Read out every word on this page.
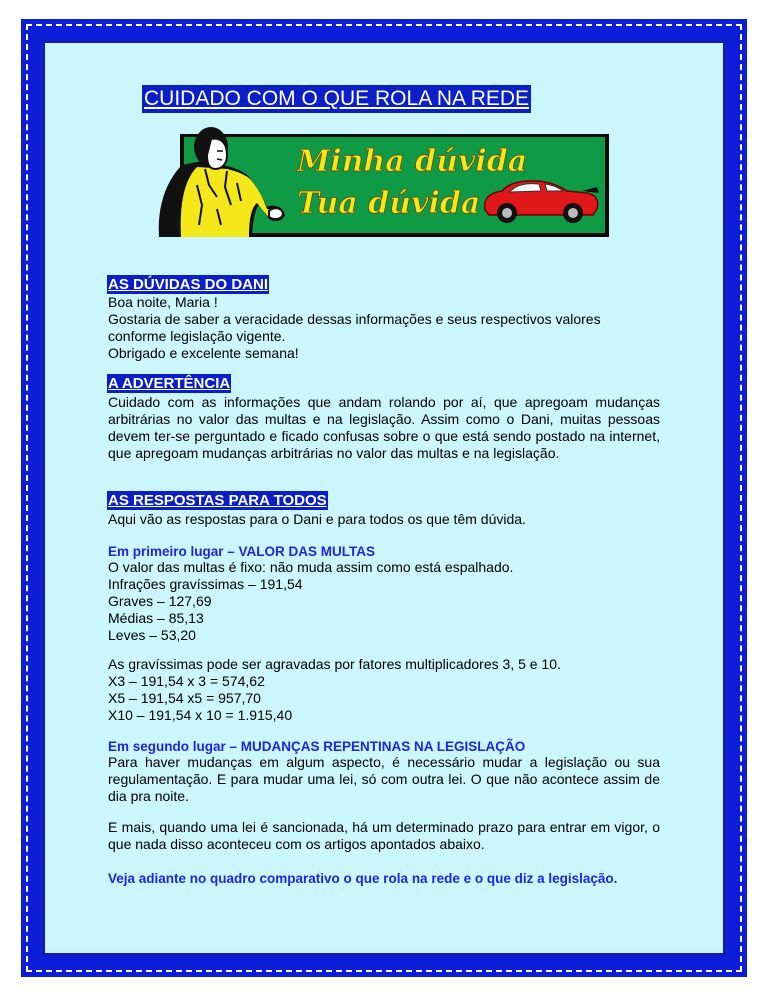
CUIDADO COM O QUE ROLA NA REDE
Minha dúvida
Tua dúvida
AS DÚVIDAS DO DANI
Boa noite, Maria !
Gostaria de saber a veracidade dessas informações e seus respectivos valores conforme legislação vigente.
Obrigado e excelente semana!
A ADVERTÊNCIA
Cuidado com as informações que andam rolando por aí, que apregoam mudanças arbitrárias no valor das multas e na legislação. Assim como o Dani, muitas pessoas devem ter-se perguntado e ficado confusas sobre o que está sendo postado na internet, que apregoam mudanças arbitrárias no valor das multas e na legislação.
AS RESPOSTAS PARA TODOS
Aqui vão as respostas para o Dani e para todos os que têm dúvida.
Em primeiro lugar – VALOR DAS MULTAS
O valor das multas é fixo: não muda assim como está espalhado.
Infrações gravíssimas – 191,54
Graves – 127,69
Médias – 85,13
Leves – 53,20
As gravíssimas pode ser agravadas por fatores multiplicadores 3, 5 e 10.
X3 – 191,54 x 3 = 574,62
X5 – 191,54 x5 = 957,70
X10 – 191,54 x 10 = 1.915,40
Em segundo lugar – MUDANÇAS REPENTINAS NA LEGISLAÇÃO
Para haver mudanças em algum aspecto, é necessário mudar a legislação ou sua regulamentação. E para mudar uma lei, só com outra lei. O que não acontece assim de dia pra noite.
E mais, quando uma lei é sancionada, há um determinado prazo para entrar em vigor, o que nada disso aconteceu com os artigos apontados abaixo.
Veja adiante no quadro comparativo o que rola na rede e o que diz a legislação.
